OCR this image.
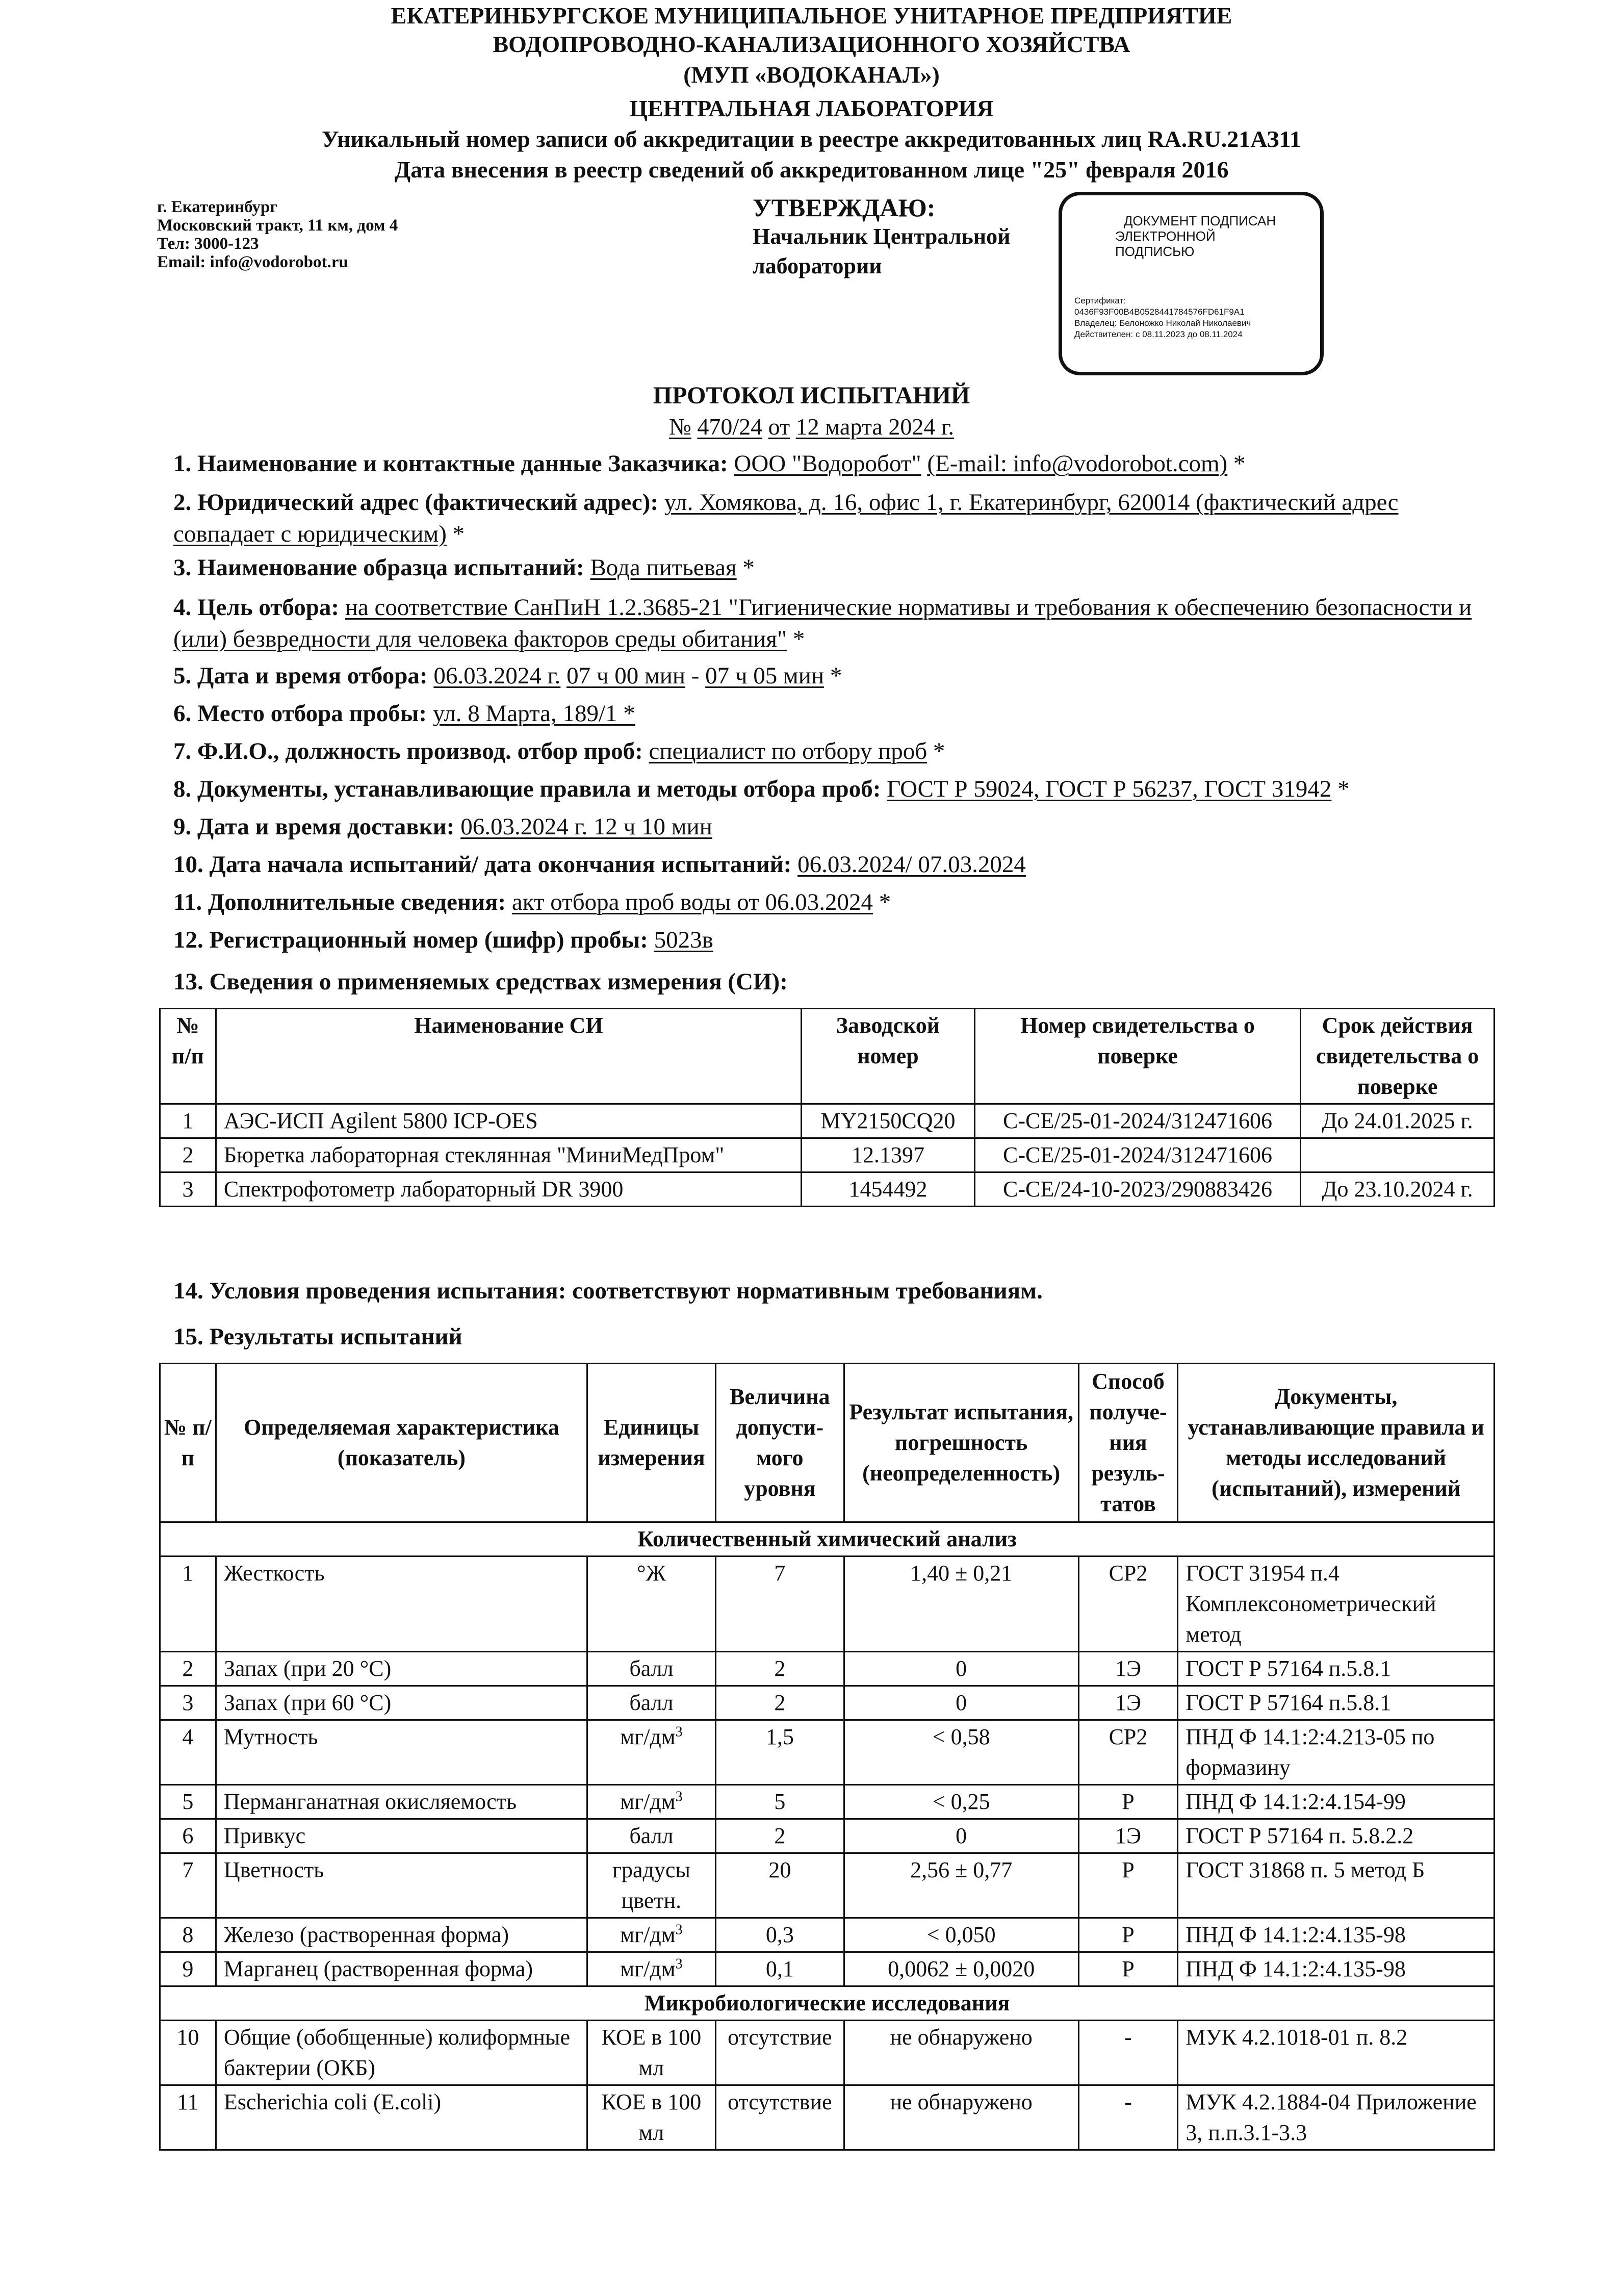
ЕКАТЕРИНБУРГСКОЕ МУНИЦИПАЛЬНОЕ УНИТАРНОЕ ПРЕДПРИЯТИЕ
ВОДОПРОВОДНО-КАНАЛИЗАЦИОННОГО ХОЗЯЙСТВА
(МУП «ВОДОКАНАЛ»)
ЦЕНТРАЛЬНАЯ ЛАБОРАТОРИЯ
Уникальный номер записи об аккредитации в реестре аккредитованных лиц RA.RU.21АЗ11
Дата внесения в реестр сведений об аккредитованном лице "25" февраля 2016
г. Екатеринбург
Московский тракт, 11 км, дом 4
Тел: 3000-123
Email: info@vodorobot.ru
УТВЕРЖДАЮ:
Начальник Центральной
лаборатории
ДОКУМЕНТ ПОДПИСАН
ЭЛЕКТРОННОЙ
ПОДПИСЬЮ
Сертификат:
0436F93F00B4B0528441784576FD61F9A1
Владелец: Белоножко Николай Николаевич
Действителен: с 08.11.2023 до 08.11.2024
ПРОТОКОЛ ИСПЫТАНИЙ
№ 470/24 от 12 марта 2024 г.
1. Наименование и контактные данные Заказчика: ООО "Водоробот" (E-mail: info@vodorobot.com) *
2. Юридический адрес (фактический адрес): ул. Хомякова, д. 16, офис 1, г. Екатеринбург, 620014 (фактический адрес совпадает с юридическим) *
3. Наименование образца испытаний: Вода питьевая *
4. Цель отбора: на соответствие СанПиН 1.2.3685-21 "Гигиенические нормативы и требования к обеспечению безопасности и (или) безвредности для человека факторов среды обитания" *
5. Дата и время отбора: 06.03.2024 г. 07 ч 00 мин - 07 ч 05 мин *
6. Место отбора пробы: ул. 8 Марта, 189/1 *
7. Ф.И.О., должность производ. отбор проб: специалист по отбору проб *
8. Документы, устанавливающие правила и методы отбора проб: ГОСТ Р 59024, ГОСТ Р 56237, ГОСТ 31942 *
9. Дата и время доставки: 06.03.2024 г. 12 ч 10 мин
10. Дата начала испытаний/ дата окончания испытаний: 06.03.2024/ 07.03.2024
11. Дополнительные сведения: акт отбора проб воды от 06.03.2024 *
12. Регистрационный номер (шифр) пробы: 5023в
13. Сведения о применяемых средствах измерения (СИ):
№ п/п	Наименование СИ	Заводской номер	Номер свидетельства о поверке	Срок действия свидетельства о поверке
1	АЭС-ИСП Agilent 5800 ICP-OES	MY2150CQ20	С-СЕ/25-01-2024/312471606	До 24.01.2025 г.
2	Бюретка лабораторная стеклянная "МиниМедПром"	12.1397	С-СЕ/25-01-2024/312471606	
3	Спектрофотометр лабораторный DR 3900	1454492	С-СЕ/24-10-2023/290883426	До 23.10.2024 г.
14. Условия проведения испытания: соответствуют нормативным требованиям.
15. Результаты испытаний
№ п/п	Определяемая характеристика (показатель)	Единицы измерения	Величина допусти-мого уровня	Результат испытания, погрешность (неопределенность)	Способ получе-ния резуль-татов	Документы, устанавливающие правила и методы исследований (испытаний), измерений
Количественный химический анализ						
1	Жесткость	°Ж	7	1,40 ± 0,21	СР2	ГОСТ 31954 п.4 Комплексонометрический метод
2	Запах (при 20 °С)	балл	2	0	1Э	ГОСТ Р 57164 п.5.8.1
3	Запах (при 60 °С)	балл	2	0	1Э	ГОСТ Р 57164 п.5.8.1
4	Мутность	$мг/дм^3$	1,5	< 0,58	СР2	ПНД Ф 14.1:2:4.213-05 по формазину
5	Перманганатная окисляемость	$мг/дм^3$	5	< 0,25	Р	ПНД Ф 14.1:2:4.154-99
6	Привкус	балл	2	0	1Э	ГОСТ Р 57164 п. 5.8.2.2
7	Цветность	градусы цветн.	20	2,56 ± 0,77	Р	ГОСТ 31868 п. 5 метод Б
8	Железо (растворенная форма)	$мг/дм^3$	0,3	< 0,050	Р	ПНД Ф 14.1:2:4.135-98
9	Марганец (растворенная форма)	$мг/дм^3$	0,1	0,0062 ± 0,0020	Р	ПНД Ф 14.1:2:4.135-98
Микробиологические исследования						
10	Общие (обобщенные) колиформные бактерии (ОКБ)	КОЕ в 100 мл	отсутствие	не обнаружено	-	МУК 4.2.1018-01 п. 8.2
11	Escherichia coli (E.coli)	КОЕ в 100 мл	отсутствие	не обнаружено	-	МУК 4.2.1884-04 Приложение 3, п.п.3.1-3.3
